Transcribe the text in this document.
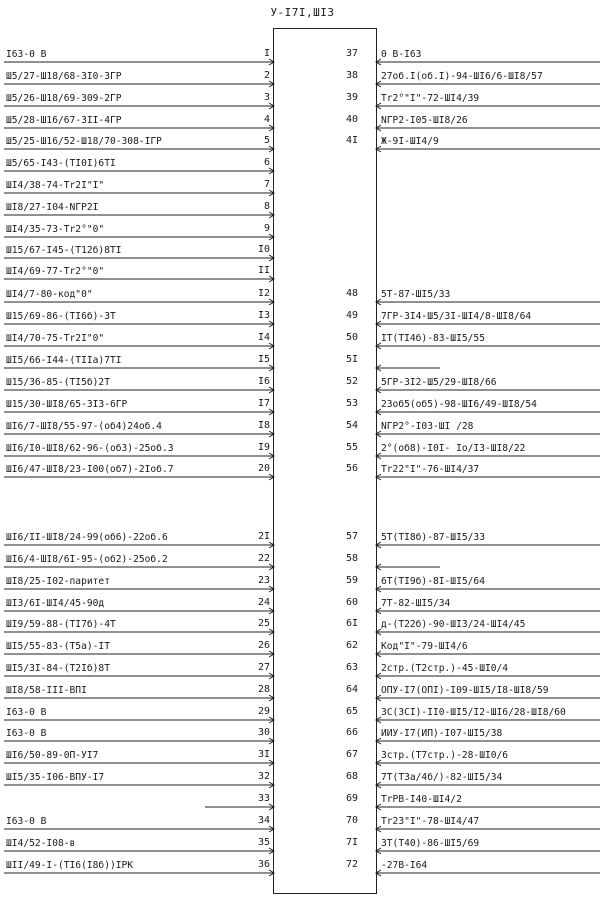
У-I7I,ШI3
I63-0 В	I
Ш5/27-Ш18/68-3I0-3ГР	2
Ш5/26-Ш18/69-309-2ГР	3
Ш5/28-Ш16/67-3II-4ГР	4
Ш5/25-Ш16/52-Ш18/70-308-IГР	5
Ш5/65-I43-(ТI0I)6ТI	6
ШI4/38-74-Тr2I"I"	7
ШI8/27-I04-NГР2I	8
ШI4/35-73-Тr2°"0"	9
Ш15/67-I45-(Т12б)8ТI	I0
ШI4/69-77-Тr2°"0"	II
ШI4/7-80-код"0"	I2
Ш15/69-86-(ТI6б)-3Т	I3
ШI4/70-75-Тr2I"0"	I4
ШI5/66-I44-(ТIIа)7ТI	I5
Ш15/36-85-(ТI5б)2Т	I6
Ш15/30-ШI8/65-3I3-6ГР	I7
ШI6/7-ШI8/55-97-(об4)24об.4	I8
ШI6/I0-ШI8/62-96-(об3)-25об.3	I9
ШI6/47-ШI8/23-I00(об7)-2Iоб.7	20
ШI6/II-ШI8/24-99(об6)-22об.6	2I
ШI6/4-ШI8/6I-95-(об2)-25об.2	22
ШI8/25-I02-паритет	23
ШI3/6I-ШI4/45-90д	24
ШI9/59-88-(ТI7б)-4Т	25
ШI5/55-83-(Т5а)-IТ	26
ШI5/3I-84-(Т2Iб)8Т	27
ШI8/58-III-ВПI	28
I63-0 В	29
I63-0 В	30
ШI6/50-89-0П-УI7	3I
ШI5/35-I06-ВПУ-I7	32
33
I63-0 В	34
ШI4/52-I08-в	35
ШII/49-I-(ТI6(I8б))IРК	36
37	0 В-I63
38	27об.I(об.I)-94-ШI6/6-ШI8/57
39	Тr2°"I"-72-ШI4/39
40	NГР2-I05-ШI8/26
4I	Ж-9I-ШI4/9
48	5Т-87-ШI5/33
49	7ГР-3I4-Ш5/3I-ШI4/8-ШI8/64
50	IТ(ТI4б)-83-ШI5/55
5I
52	5ГР-3I2-Ш5/29-ШI8/66
53	23об5(об5)-98-ШI6/49-ШI8/54
54	NГР2°-I03-ШI /28
55	2°(об8)-I0I- Iо/I3-ШI8/22
56	Тr22"I"-76-ШI4/37
57	5Т(ТI8б)-87-ШI5/33
58
59	6Т(ТI9б)-8I-ШI5/64
60	7Т-82-ШI5/34
6I	д-(Т22б)-90-ШI3/24-ШI4/45
62	Код"I"-79-ШI4/6
63	2стр.(Т2стр.)-45-ШI0/4
64	ОПУ-I7(ОПI)-I09-ШI5/I8-ШI8/59
65	3С(3СI)-II0-ШI5/I2-ШI6/28-ШI8/60
66	ИИУ-I7(ИП)-I07-ШI5/38
67	3стр.(Т7стр.)-28-ШI0/6
68	7Т(Т3а/4б/)-82-ШI5/34
69	ТrРВ-I40-ШI4/2
70	Тr23"I"-78-ШI4/47
7I	3Т(Т40)-86-ШI5/69
72	-27В-I64
